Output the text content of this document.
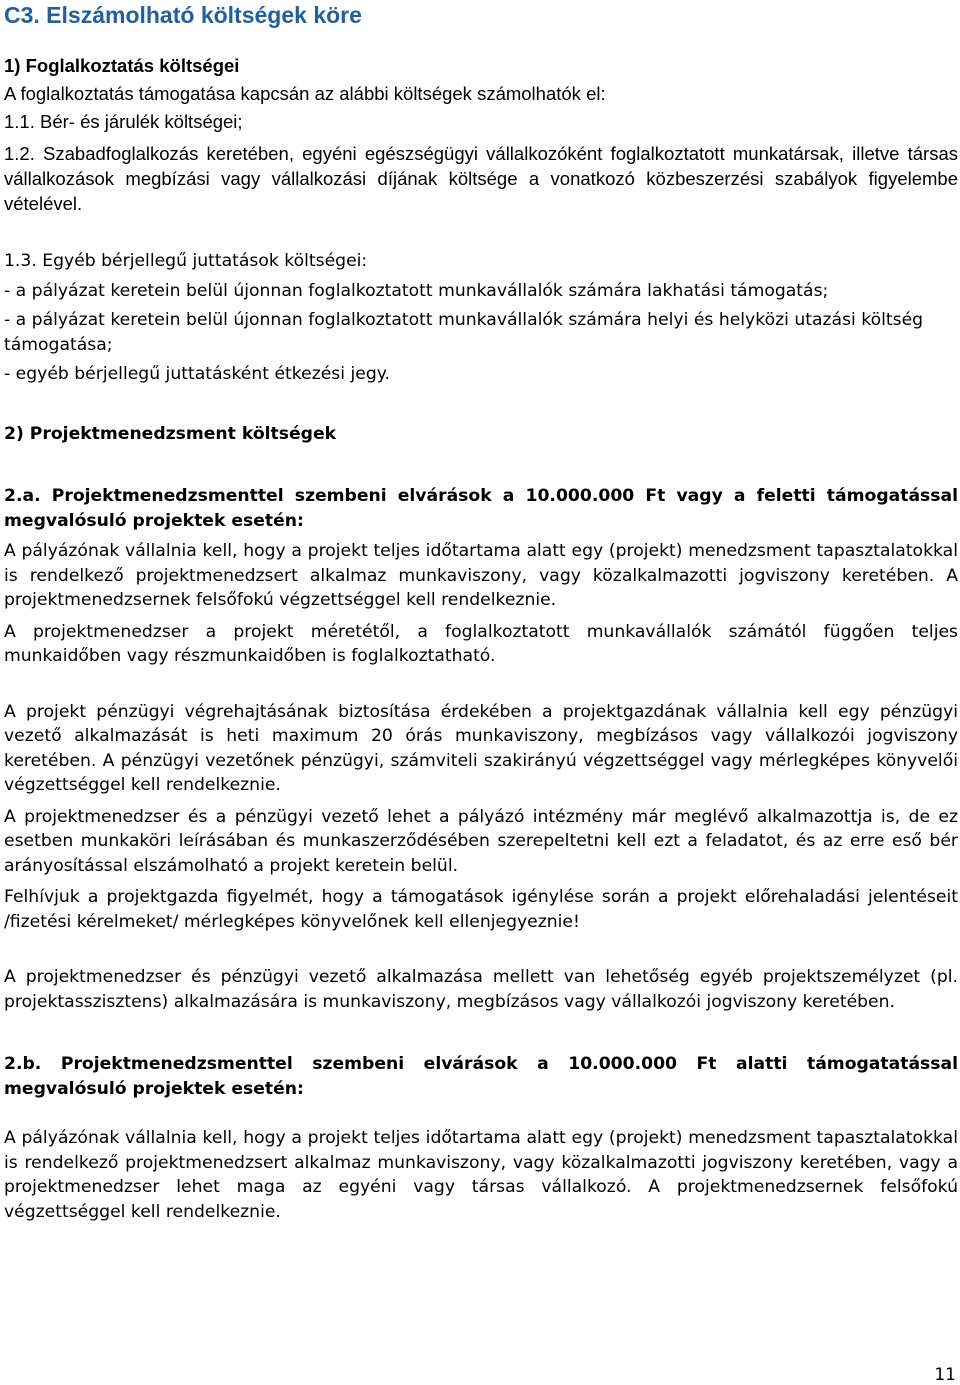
C3. Elszámolható költségek köre

1) Foglalkoztatás költségei

A foglalkoztatás támogatása kapcsán az alábbi költségek számolhatók el:

1.1. Bér- és járulék költségei;

1.2. Szabadfoglalkozás keretében, egyéni egészségügyi vállalkozóként foglalkoztatott munkatársak, illetve társas vállalkozások megbízási vagy vállalkozási díjának költsége a vonatkozó közbeszerzési szabályok figyelembe vételével.

1.3. Egyéb bérjellegű juttatások költségei:

- a pályázat keretein belül újonnan foglalkoztatott munkavállalók számára lakhatási támogatás;

- a pályázat keretein belül újonnan foglalkoztatott munkavállalók számára helyi és helyközi utazási költség támogatása;

- egyéb bérjellegű juttatásként étkezési jegy.

2) Projektmenedzsment költségek

2.a. Projektmenedzsmenttel szembeni elvárások a 10.000.000 Ft vagy a feletti támogatással megvalósuló projektek esetén:

A pályázónak vállalnia kell, hogy a projekt teljes időtartama alatt egy (projekt) menedzsment tapasztalatokkal is rendelkező projektmenedzsert alkalmaz munkaviszony, vagy közalkalmazotti jogviszony keretében. A projektmenedzsernek felsőfokú végzettséggel kell rendelkeznie.

A projektmenedzser a projekt méretétől, a foglalkoztatott munkavállalók számától függően teljes munkaidőben vagy részmunkaidőben is foglalkoztatható.

A projekt pénzügyi végrehajtásának biztosítása érdekében a projektgazdának vállalnia kell egy pénzügyi vezető alkalmazását is heti maximum 20 órás munkaviszony, megbízásos vagy vállalkozói jogviszony keretében. A pénzügyi vezetőnek pénzügyi, számviteli szakirányú végzettséggel vagy mérlegképes könyvelői végzettséggel kell rendelkeznie.

A projektmenedzser és a pénzügyi vezető lehet a pályázó intézmény már meglévő alkalmazottja is, de ez esetben munkaköri leírásában és munkaszerződésében szerepeltetni kell ezt a feladatot, és az erre eső bér arányosítással elszámolható a projekt keretein belül.

Felhívjuk a projektgazda figyelmét, hogy a támogatások igénylése során a projekt előrehaladási jelentéseit /fizetési kérelmeket/ mérlegképes könyvelőnek kell ellenjegyeznie!

A projektmenedzser és pénzügyi vezető alkalmazása mellett van lehetőség egyéb projektszemélyzet (pl. projektasszisztens) alkalmazására is munkaviszony, megbízásos vagy vállalkozói jogviszony keretében.

2.b. Projektmenedzsmenttel szembeni elvárások a 10.000.000 Ft alatti támogatatással megvalósuló projektek esetén:

A pályázónak vállalnia kell, hogy a projekt teljes időtartama alatt egy (projekt) menedzsment tapasztalatokkal is rendelkező projektmenedzsert alkalmaz munkaviszony, vagy közalkalmazotti jogviszony keretében, vagy a projektmenedzser lehet maga az egyéni vagy társas vállalkozó. A projektmenedzsernek felsőfokú végzettséggel kell rendelkeznie.

11
